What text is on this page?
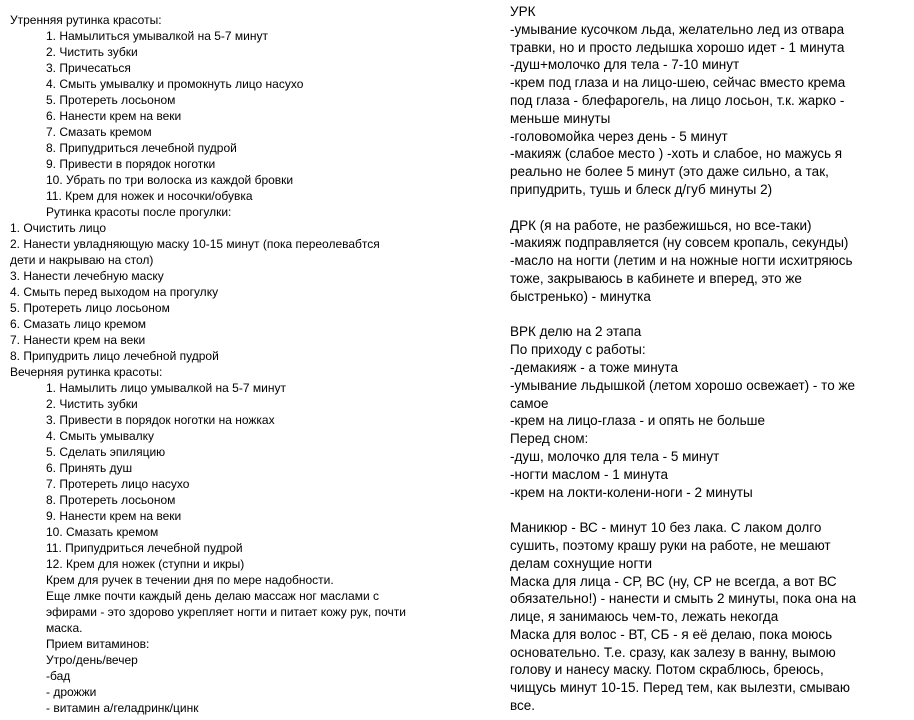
Утренняя рутинка красоты:
1. Намылиться умывалкой на 5-7 минут
2. Чистить зубки
3. Причесаться
4. Смыть умывалку и промокнуть лицо насухо
5. Протереть лосьоном
6. Нанести крем на веки
7. Смазать кремом
8. Припудриться лечебной пудрой
9. Привести в порядок ноготки
10. Убрать по три волоска из каждой бровки
11. Крем для ножек и носочки/обувка
Рутинка красоты после прогулки:
1. Очистить лицо
2. Нанести увладняющую маску 10-15 минут (пока переолевабтся
дети и накрываю на стол)
3. Нанести лечебную маску
4. Смыть перед выходом на прогулку
5. Протереть лицо лосьоном
6. Смазать лицо кремом
7. Нанести крем на веки
8. Припудрить лицо лечебной пудрой
Вечерняя рутинка красоты:
1. Намылить лицо умывалкой на 5-7 минут
2. Чистить зубки
3. Привести в порядок ноготки на ножках
4. Смыть умывалку
5. Сделать эпиляцию
6. Принять душ
7. Протереть лицо насухо
8. Протереть лосьоном
9. Нанести крем на веки
10. Смазать кремом
11. Припудриться лечебной пудрой
12. Крем для ножек (ступни и икры)
Крем для ручек в течении дня по мере надобности.
Еще лмке почти каждый день делаю массаж ног маслами с
эфирами - это здорово укрепляет ногти и питает кожу рук, почти
маска.
Прием витаминов:
Утро/день/вечер
-бад
- дрожжи
- витамин а/геладринк/цинк
УРК
-умывание кусочком льда, желательно лед из отвара
травки, но и просто ледышка хорошо идет - 1 минута
-душ+молочко для тела - 7-10 минут
-крем под глаза и на лицо-шею, сейчас вместо крема
под глаза - блефарогель, на лицо лосьон, т.к. жарко -
меньше минуты
-головомойка через день - 5 минут
-макияж (слабое место ) -хоть и слабое, но мажусь я
реально не более 5 минут (это даже сильно, а так,
припудрить, тушь и блеск д/губ минуты 2)
ДРК (я на работе, не разбежишься, но все-таки)
-макияж подправляется (ну совсем кропаль, секунды)
-масло на ногти (летим и на ножные ногти исхитряюсь
тоже, закрываюсь в кабинете и вперед, это же
быстренько) - минутка
ВРК делю на 2 этапа
По приходу с работы:
-демакияж - а тоже минута
-умывание льдышкой (летом хорошо освежает) - то же
самое
-крем на лицо-глаза - и опять не больше
Перед сном:
-душ, молочко для тела - 5 минут
-ногти маслом - 1 минута
-крем на локти-колени-ноги - 2 минуты
Маникюр - ВС - минут 10 без лака. С лаком долго
сушить, поэтому крашу руки на работе, не мешают
делам сохнущие ногти
Маска для лица - СР, ВС (ну, СР не всегда, а вот ВС
обязательно!) - нанести и смыть 2 минуты, пока она на
лице, я занимаюсь чем-то, лежать некогда
Маска для волос - ВТ, СБ - я её делаю, пока моюсь
основательно. Т.е. сразу, как залезу в ванну, вымою
голову и нанесу маску. Потом скраблюсь, бреюсь,
чищусь минут 10-15. Перед тем, как вылезти, смываю
все.
